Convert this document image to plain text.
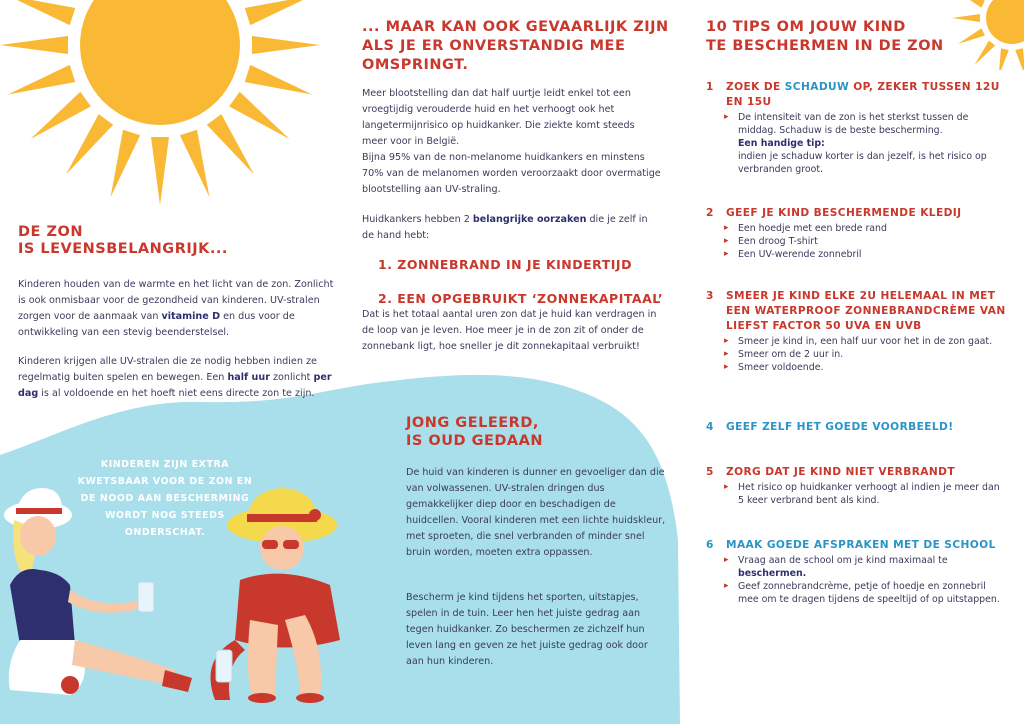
DE ZON
IS LEVENSBELANGRIJK...

Kinderen houden van de warmte en het licht van de zon. Zonlicht is ook onmisbaar voor de gezondheid van kinderen. UV-stralen zorgen voor de aanmaak van vitamine D en dus voor de ontwikkeling van een stevig beenderstelsel.

Kinderen krijgen alle UV-stralen die ze nodig hebben indien ze regelmatig buiten spelen en bewegen. Een half uur zonlicht per dag is al voldoende en het hoeft niet eens directe zon te zijn.

KINDEREN ZIJN EXTRA
KWETSBAAR VOOR DE ZON EN
DE NOOD AAN BESCHERMING
WORDT NOG STEEDS
ONDERSCHAT.
... MAAR KAN OOK GEVAARLIJK ZIJN
ALS JE ER ONVERSTANDIG MEE
OMSPRINGT.
Meer blootstelling dan dat half uurtje leidt enkel tot een vroegtijdig verouderde huid en het verhoogt ook het langetermijnrisico op huidkanker. Die ziekte komt steeds meer voor in België.
Bijna 95% van de non-melanome huidkankers en minstens 70% van de melanomen worden veroorzaakt door overmatige blootstelling aan UV-straling.

Huidkankers hebben 2 belangrijke oorzaken die je zelf in de hand hebt:

1. ZONNEBRAND IN JE KINDERTIJD
2. EEN OPGEBRUIKT ‘ZONNEKAPITAAL’

Dat is het totaal aantal uren zon dat je huid kan verdragen in de loop van je leven. Hoe meer je in de zon zit of onder de zonnebank ligt, hoe sneller je dit zonnekapitaal verbruikt!

JONG GELEERD,
IS OUD GEDAAN

De huid van kinderen is dunner en gevoeliger dan die van volwassenen. UV-stralen dringen dus gemakkelijker diep door en beschadigen de huidcellen. Vooral kinderen met een lichte huidskleur, met sproeten, die snel verbranden of minder snel bruin worden, moeten extra oppassen.

Bescherm je kind tijdens het sporten, uitstapjes, spelen in de tuin. Leer hen het juiste gedrag aan tegen huidkanker. Zo beschermen ze zichzelf hun leven lang en geven ze het juiste gedrag ook door aan hun kinderen.

10 TIPS OM JOUW KIND
TE BESCHERMEN IN DE ZON
1	ZOEK DE SCHADUW OP, ZEKER TUSSEN 12U EN 15U
▸ De intensiteit van de zon is het sterkst tussen de middag. Schaduw is de beste bescherming.
Een handige tip:
indien je schaduw korter is dan jezelf, is het risico op verbranden groot.
2	GEEF JE KIND BESCHERMENDE KLEDIJ
▸ Een hoedje met een brede rand
▸ Een droog T-shirt
▸ Een UV-werende zonnebril
3	SMEER JE KIND ELKE 2U HELEMAAL IN MET EEN WATERPROOF ZONNEBRANDCRÈME VAN LIEFST FACTOR 50 UVA EN UVB
▸ Smeer je kind in, een half uur voor het in de zon gaat.
▸ Smeer om de 2 uur in.
▸ Smeer voldoende.
4	GEEF ZELF HET GOEDE VOORBEELD!
5	ZORG DAT JE KIND NIET VERBRANDT
▸ Het risico op huidkanker verhoogt al indien je meer dan 5 keer verbrand bent als kind.
6	MAAK GOEDE AFSPRAKEN MET DE SCHOOL
▸ Vraag aan de school om je kind maximaal te beschermen.
▸ Geef zonnebrandcrème, petje of hoedje en zonnebril mee om te dragen tijdens de speeltijd of op uitstappen.
